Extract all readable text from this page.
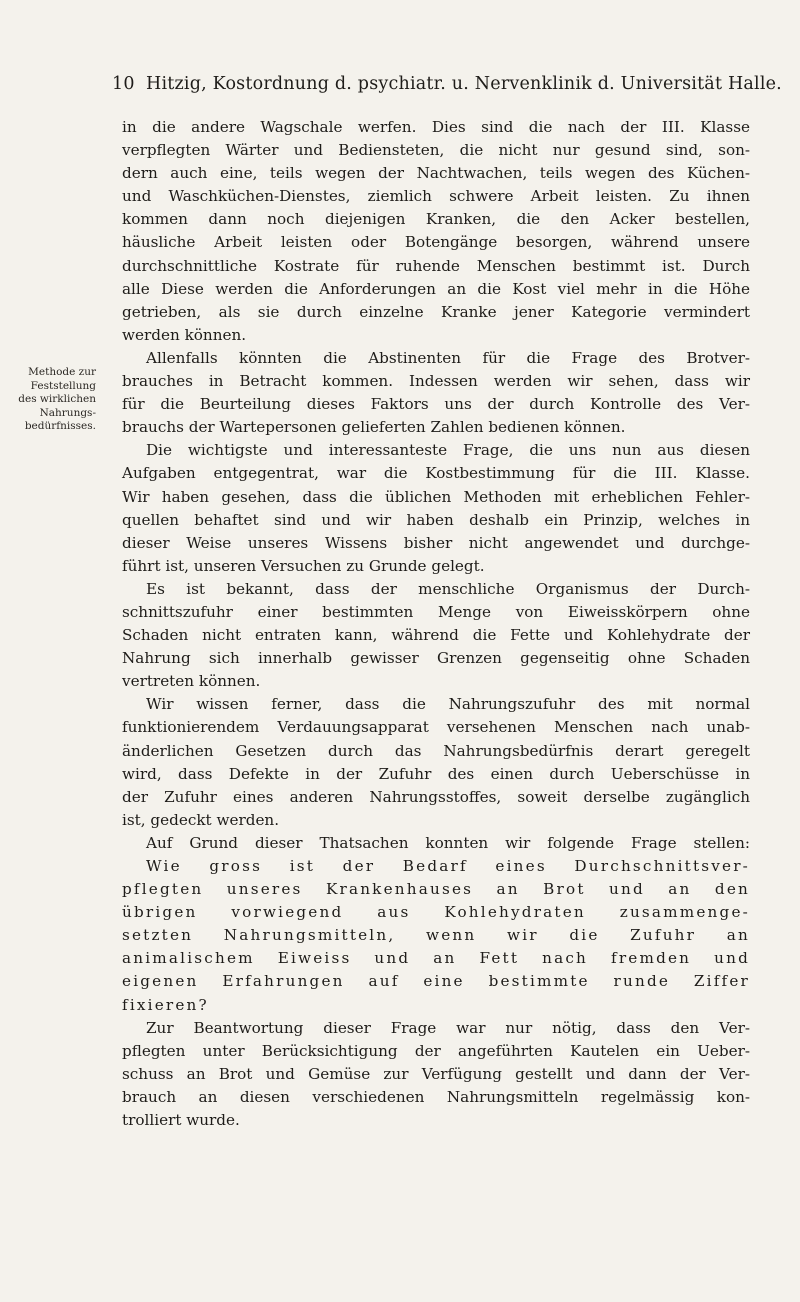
10 Hitzig, Kostordnung d. psychiatr. u. Nervenklinik d. Universität Halle.
Methode zur
Feststellung
des wirklichen
Nahrungs-
bedürfnisses.
in die andere Wagschale werfen. Dies sind die nach der III. Klasse
verpflegten Wärter und Bediensteten, die nicht nur gesund sind, son-
dern auch eine, teils wegen der Nachtwachen, teils wegen des Küchen-
und Waschküchen-Dienstes, ziemlich schwere Arbeit leisten. Zu ihnen
kommen dann noch diejenigen Kranken, die den Acker bestellen,
häusliche Arbeit leisten oder Botengänge besorgen, während unsere
durchschnittliche Kostrate für ruhende Menschen bestimmt ist. Durch
alle Diese werden die Anforderungen an die Kost viel mehr in die Höhe
getrieben, als sie durch einzelne Kranke jener Kategorie vermindert
werden können.
Allenfalls könnten die Abstinenten für die Frage des Brotver-
brauches in Betracht kommen. Indessen werden wir sehen, dass wir
für die Beurteilung dieses Faktors uns der durch Kontrolle des Ver-
brauchs der Wartepersonen gelieferten Zahlen bedienen können.
Die wichtigste und interessanteste Frage, die uns nun aus diesen
Aufgaben entgegentrat, war die Kostbestimmung für die III. Klasse.
Wir haben gesehen, dass die üblichen Methoden mit erheblichen Fehler-
quellen behaftet sind und wir haben deshalb ein Prinzip, welches in
dieser Weise unseres Wissens bisher nicht angewendet und durchge-
führt ist, unseren Versuchen zu Grunde gelegt.
Es ist bekannt, dass der menschliche Organismus der Durch-
schnittszufuhr einer bestimmten Menge von Eiweisskörpern ohne
Schaden nicht entraten kann, während die Fette und Kohlehydrate der
Nahrung sich innerhalb gewisser Grenzen gegenseitig ohne Schaden
vertreten können.
Wir wissen ferner, dass die Nahrungszufuhr des mit normal
funktionierendem Verdauungsapparat versehenen Menschen nach unab-
änderlichen Gesetzen durch das Nahrungsbedürfnis derart geregelt
wird, dass Defekte in der Zufuhr des einen durch Ueberschüsse in
der Zufuhr eines anderen Nahrungsstoffes, soweit derselbe zugänglich
ist, gedeckt werden.
Auf Grund dieser Thatsachen konnten wir folgende Frage stellen:
Wie gross ist der Bedarf eines Durchschnittsver-
pflegten unseres Krankenhauses an Brot und an den
übrigen vorwiegend aus Kohlehydraten zusammenge-
setzten Nahrungsmitteln, wenn wir die Zufuhr an
animalischem Eiweiss und an Fett nach fremden und
eigenen Erfahrungen auf eine bestimmte runde Ziffer
fixieren?
Zur Beantwortung dieser Frage war nur nötig, dass den Ver-
pflegten unter Berücksichtigung der angeführten Kautelen ein Ueber-
schuss an Brot und Gemüse zur Verfügung gestellt und dann der Ver-
brauch an diesen verschiedenen Nahrungsmitteln regelmässig kon-
trolliert wurde.
